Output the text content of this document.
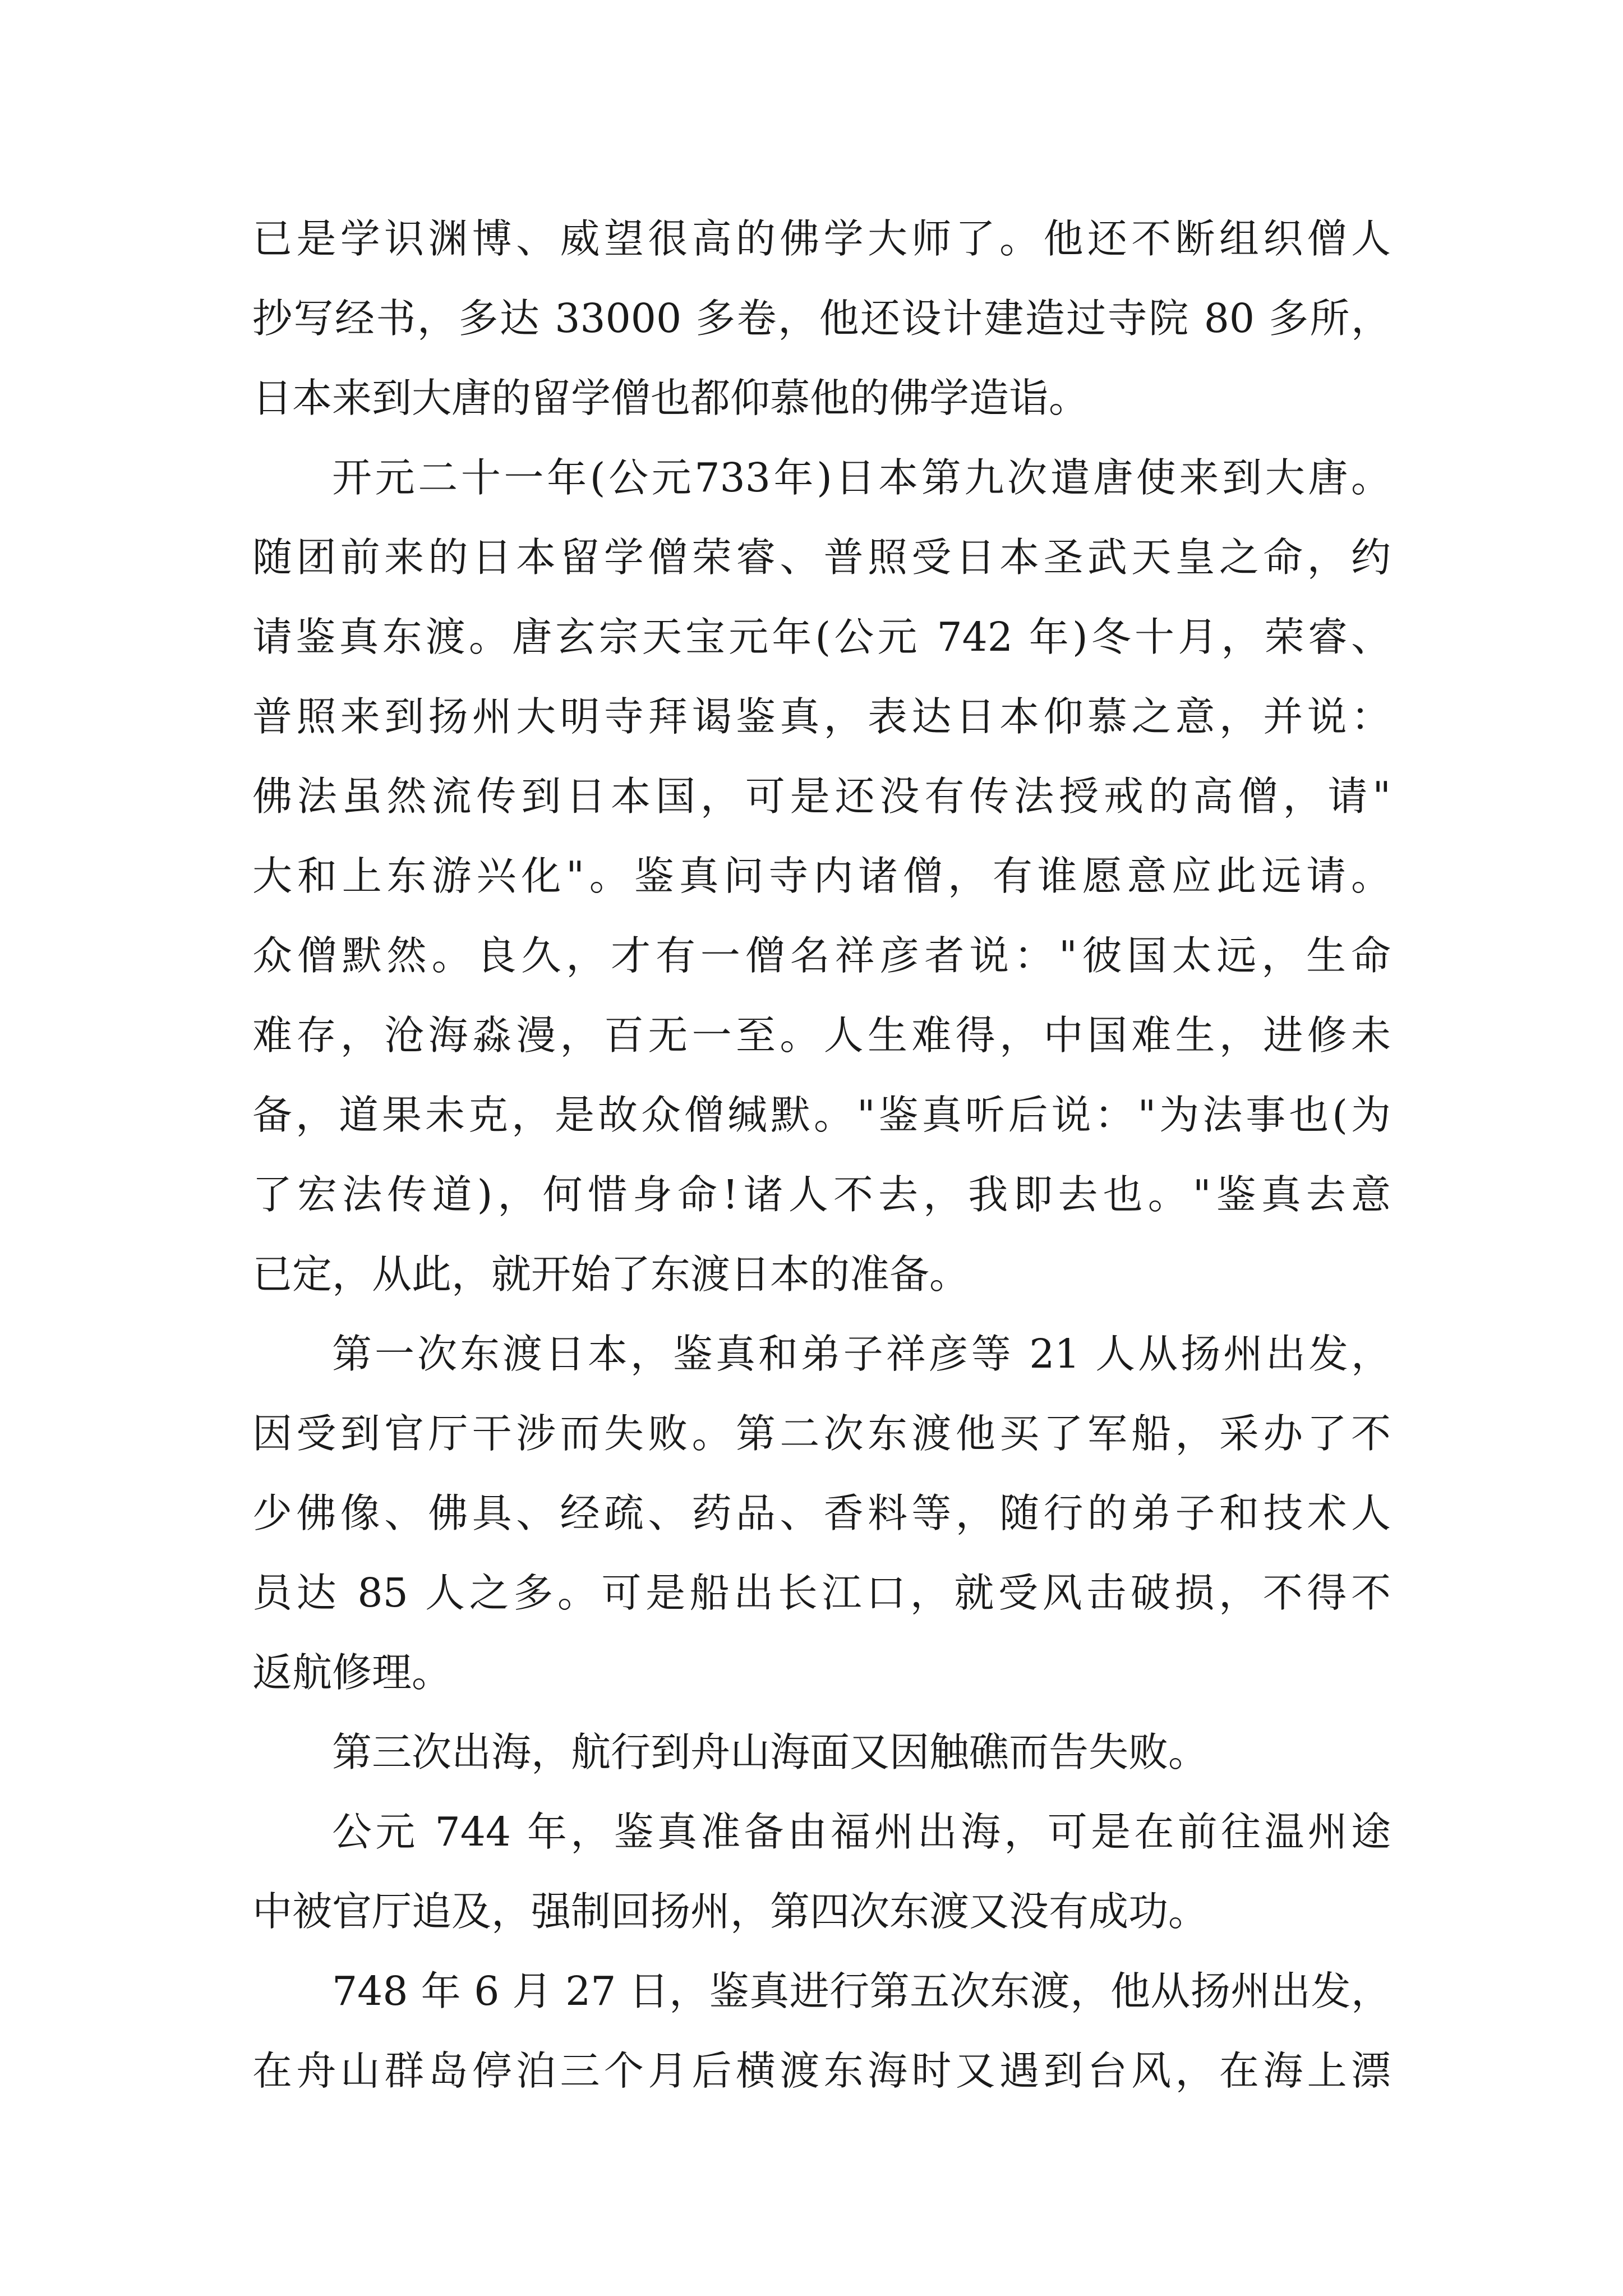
已是学识渊博、威望很高的佛学大师了。他还不断组织僧人
抄写经书，多达 33000 多卷，他还设计建造过寺院 80 多所，
日本来到大唐的留学僧也都仰慕他的佛学造诣。
开元二十一年(公元733年)日本第九次遣唐使来到大唐。
随团前来的日本留学僧荣睿、普照受日本圣武天皇之命，约
请鉴真东渡。唐玄宗天宝元年(公元 742 年)冬十月，荣睿、
普照来到扬州大明寺拜谒鉴真，表达日本仰慕之意，并说：
佛法虽然流传到日本国，可是还没有传法授戒的高僧，请"
大和上东游兴化"。鉴真问寺内诸僧，有谁愿意应此远请。
众僧默然。良久，才有一僧名祥彦者说："彼国太远，生命
难存，沧海淼漫，百无一至。人生难得，中国难生，进修未
备，道果未克，是故众僧缄默。"鉴真听后说："为法事也(为
了宏法传道)，何惜身命!诸人不去，我即去也。"鉴真去意
已定，从此，就开始了东渡日本的准备。
第一次东渡日本，鉴真和弟子祥彦等 21 人从扬州出发，
因受到官厅干涉而失败。第二次东渡他买了军船，采办了不
少佛像、佛具、经疏、药品、香料等，随行的弟子和技术人
员达 85 人之多。可是船出长江口，就受风击破损，不得不
返航修理。
第三次出海，航行到舟山海面又因触礁而告失败。
公元 744 年，鉴真准备由福州出海，可是在前往温州途
中被官厅追及，强制回扬州，第四次东渡又没有成功。
748 年 6 月 27 日，鉴真进行第五次东渡，他从扬州出发，
在舟山群岛停泊三个月后横渡东海时又遇到台风，在海上漂
